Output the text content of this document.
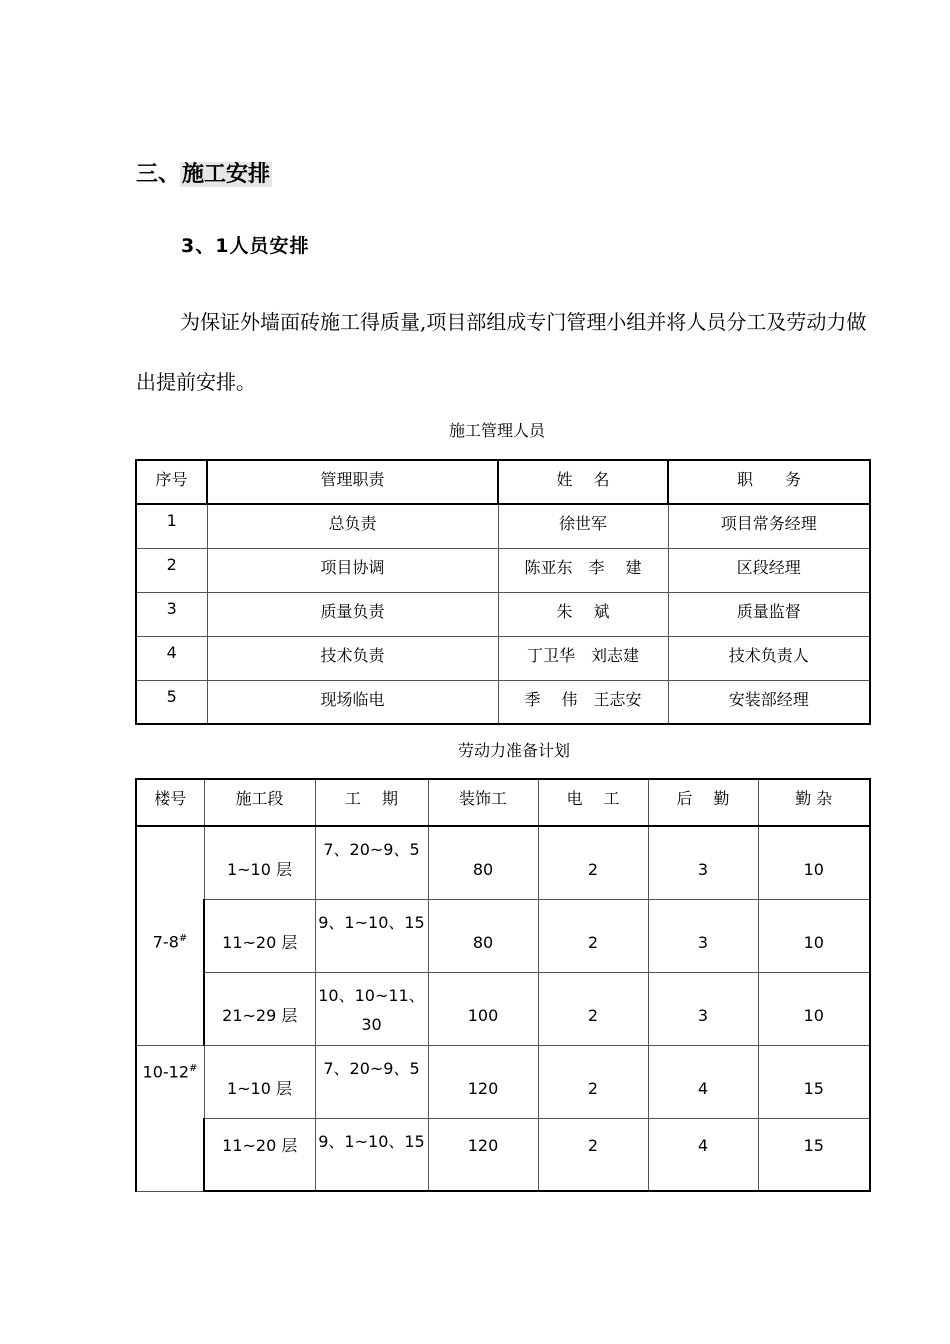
三、施工安排
3、1人员安排
为保证外墙面砖施工得质量,项目部组成专门管理小组并将人员分工及劳动力做出提前安排。
施工管理人员
序号	管理职责	姓　 名	职　　务
1	总负责	徐世军	项目常务经理
2	项目协调	陈亚东　李　 建	区段经理
3	质量负责	朱　 斌	质量监督
4	技术负责	丁卫华　刘志建	技术负责人
5	现场临电	季　 伟　王志安	安装部经理
劳动力准备计划
楼号	施工段	工　 期	装饰工	电　 工	后　 勤	勤 杂
7-8#	1~10 层	7、20~9、5	80	2	3	10
	11~20 层	9、1~10、15	80	2	3	10
	21~29 层	10、10~11、30	100	2	3	10
10-12#	1~10 层	7、20~9、5	120	2	4	15
	11~20 层	9、1~10、15	120	2	4	15
